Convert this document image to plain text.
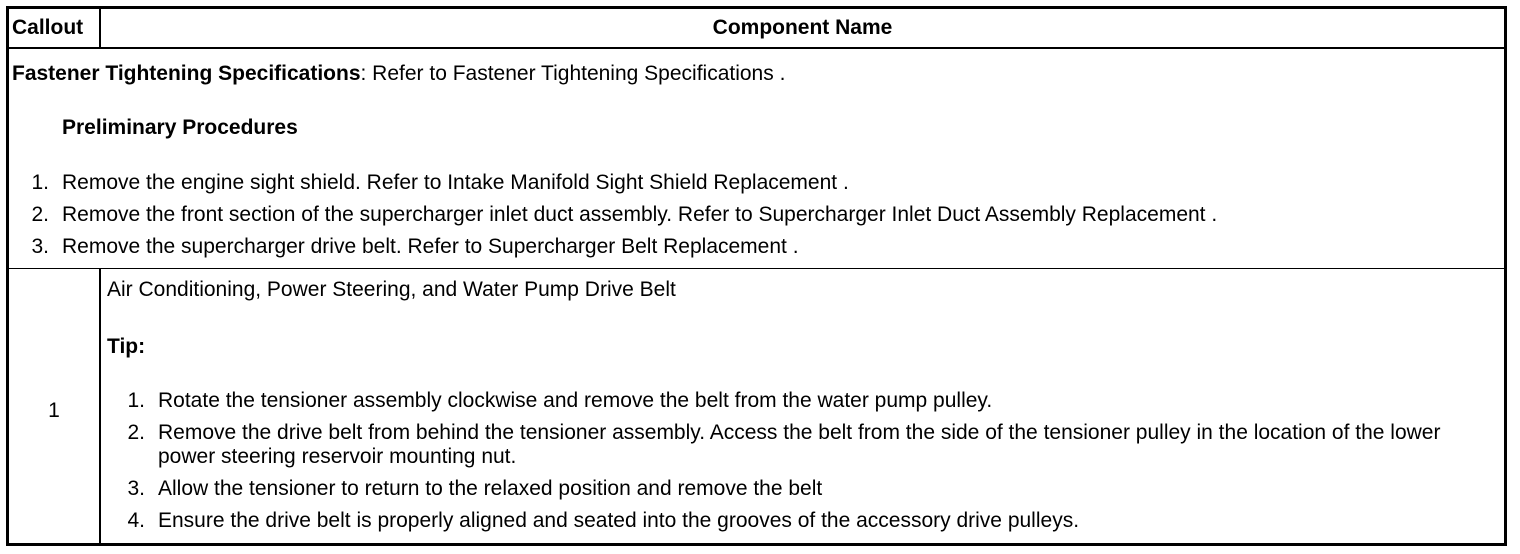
Callout	Component Name
Fastener Tightening Specifications: Refer to Fastener Tightening Specifications .
Preliminary Procedures
1. Remove the engine sight shield. Refer to Intake Manifold Sight Shield Replacement .
2. Remove the front section of the supercharger inlet duct assembly. Refer to Supercharger Inlet Duct Assembly Replacement .
3. Remove the supercharger drive belt. Refer to Supercharger Belt Replacement .
1
Air Conditioning, Power Steering, and Water Pump Drive Belt
Tip:
1. Rotate the tensioner assembly clockwise and remove the belt from the water pump pulley.
2. Remove the drive belt from behind the tensioner assembly. Access the belt from the side of the tensioner pulley in the location of the lower power steering reservoir mounting nut.
3. Allow the tensioner to return to the relaxed position and remove the belt
4. Ensure the drive belt is properly aligned and seated into the grooves of the accessory drive pulleys.
